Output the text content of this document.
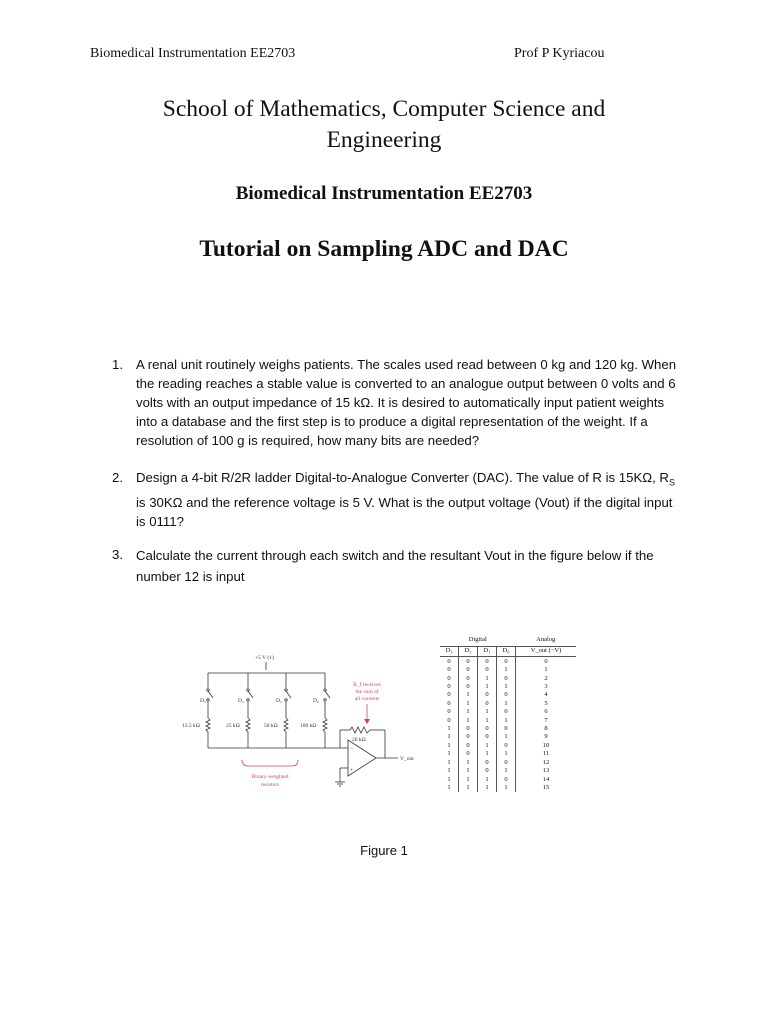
Biomedical Instrumentation EE2703	Prof P Kyriacou
School of Mathematics, Computer Science and Engineering
Biomedical Instrumentation EE2703
Tutorial on Sampling ADC and DAC
1. A renal unit routinely weighs patients. The scales used read between 0 kg and 120 kg. When the reading reaches a stable value is converted to an analogue output between 0 volts and 6 volts with an output impedance of 15 kΩ. It is desired to automatically input patient weights into a database and the first step is to produce a digital representation of the weight. If a resolution of 100 g is required, how many bits are needed?
2. Design a 4-bit R/2R ladder Digital-to-Analogue Converter (DAC). The value of R is 15KΩ, $R_S$ is 30KΩ and the reference voltage is 5 V. What is the output voltage (Vout) if the digital input is 0111?
3. Calculate the current through each switch and the resultant Vout in the figure below if the number 12 is input
+5 V (1)
D₃
12.5 kΩ
D₂
25 kΩ
D₁
50 kΩ
D₀
100 kΩ
20 kΩ
−
+
V_out
R_f receives
the sum of
all currents
Binary-weighted
resistors
Digital				Analog
D₃	D₂	D₁	D₀	V_out (−V)
0	0	0	0	0
0	0	0	1	1
0	0	1	0	2
0	0	1	1	3
0	1	0	0	4
0	1	0	1	5
0	1	1	0	6
0	1	1	1	7
1	0	0	0	8
1	0	0	1	9
1	0	1	0	10
1	0	1	1	11
1	1	0	0	12
1	1	0	1	13
1	1	1	0	14
1	1	1	1	15
Figure 1
